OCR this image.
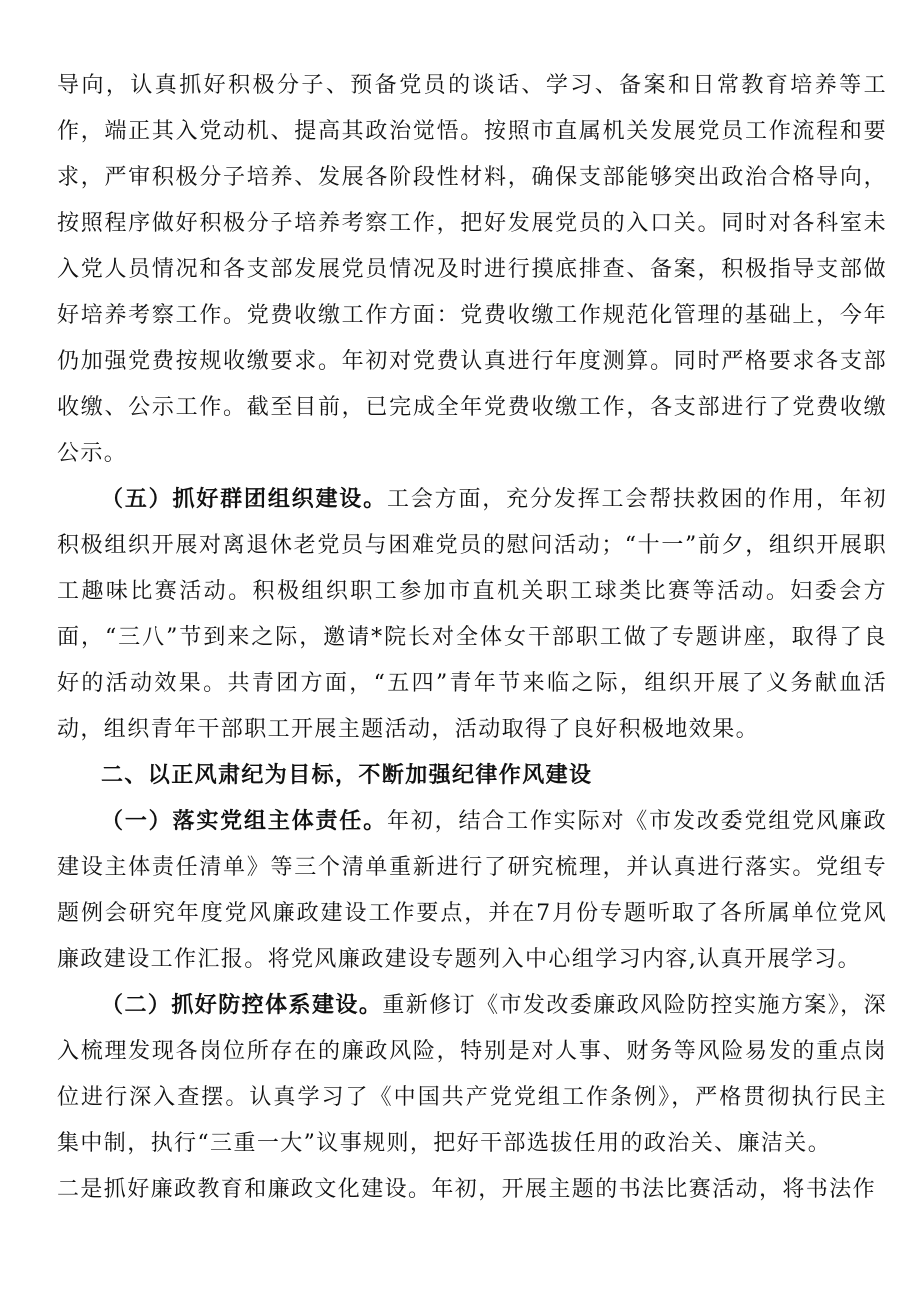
导向，认真抓好积极分子、预备党员的谈话、学习、备案和日常教育培养等工作，端正其入党动机、提高其政治觉悟。按照市直属机关发展党员工作流程和要求，严审积极分子培养、发展各阶段性材料，确保支部能够突出政治合格导向，按照程序做好积极分子培养考察工作，把好发展党员的入口关。同时对各科室未入党人员情况和各支部发展党员情况及时进行摸底排查、备案，积极指导支部做好培养考察工作。党费收缴工作方面：党费收缴工作规范化管理的基础上，今年仍加强党费按规收缴要求。年初对党费认真进行年度测算。同时严格要求各支部收缴、公示工作。截至目前，已完成全年党费收缴工作，各支部进行了党费收缴公示。

（五）抓好群团组织建设。工会方面，充分发挥工会帮扶救困的作用，年初积极组织开展对离退休老党员与困难党员的慰问活动；“十一”前夕，组织开展职工趣味比赛活动。积极组织职工参加市直机关职工球类比赛等活动。妇委会方面，“三八”节到来之际，邀请*院长对全体女干部职工做了专题讲座，取得了良好的活动效果。共青团方面，“五四”青年节来临之际，组织开展了义务献血活动，组织青年干部职工开展主题活动，活动取得了良好积极地效果。

二、以正风肃纪为目标，不断加强纪律作风建设

（一）落实党组主体责任。年初，结合工作实际对《市发改委党组党风廉政建设主体责任清单》等三个清单重新进行了研究梳理，并认真进行落实。党组专题例会研究年度党风廉政建设工作要点，并在7月份专题听取了各所属单位党风廉政建设工作汇报。将党风廉政建设专题列入中心组学习内容,认真开展学习。

（二）抓好防控体系建设。重新修订《市发改委廉政风险防控实施方案》，深入梳理发现各岗位所存在的廉政风险，特别是对人事、财务等风险易发的重点岗位进行深入查摆。认真学习了《中国共产党党组工作条例》，严格贯彻执行民主集中制，执行“三重一大”议事规则，把好干部选拔任用的政治关、廉洁关。
二是抓好廉政教育和廉政文化建设。年初，开展主题的书法比赛活动，将书法作
